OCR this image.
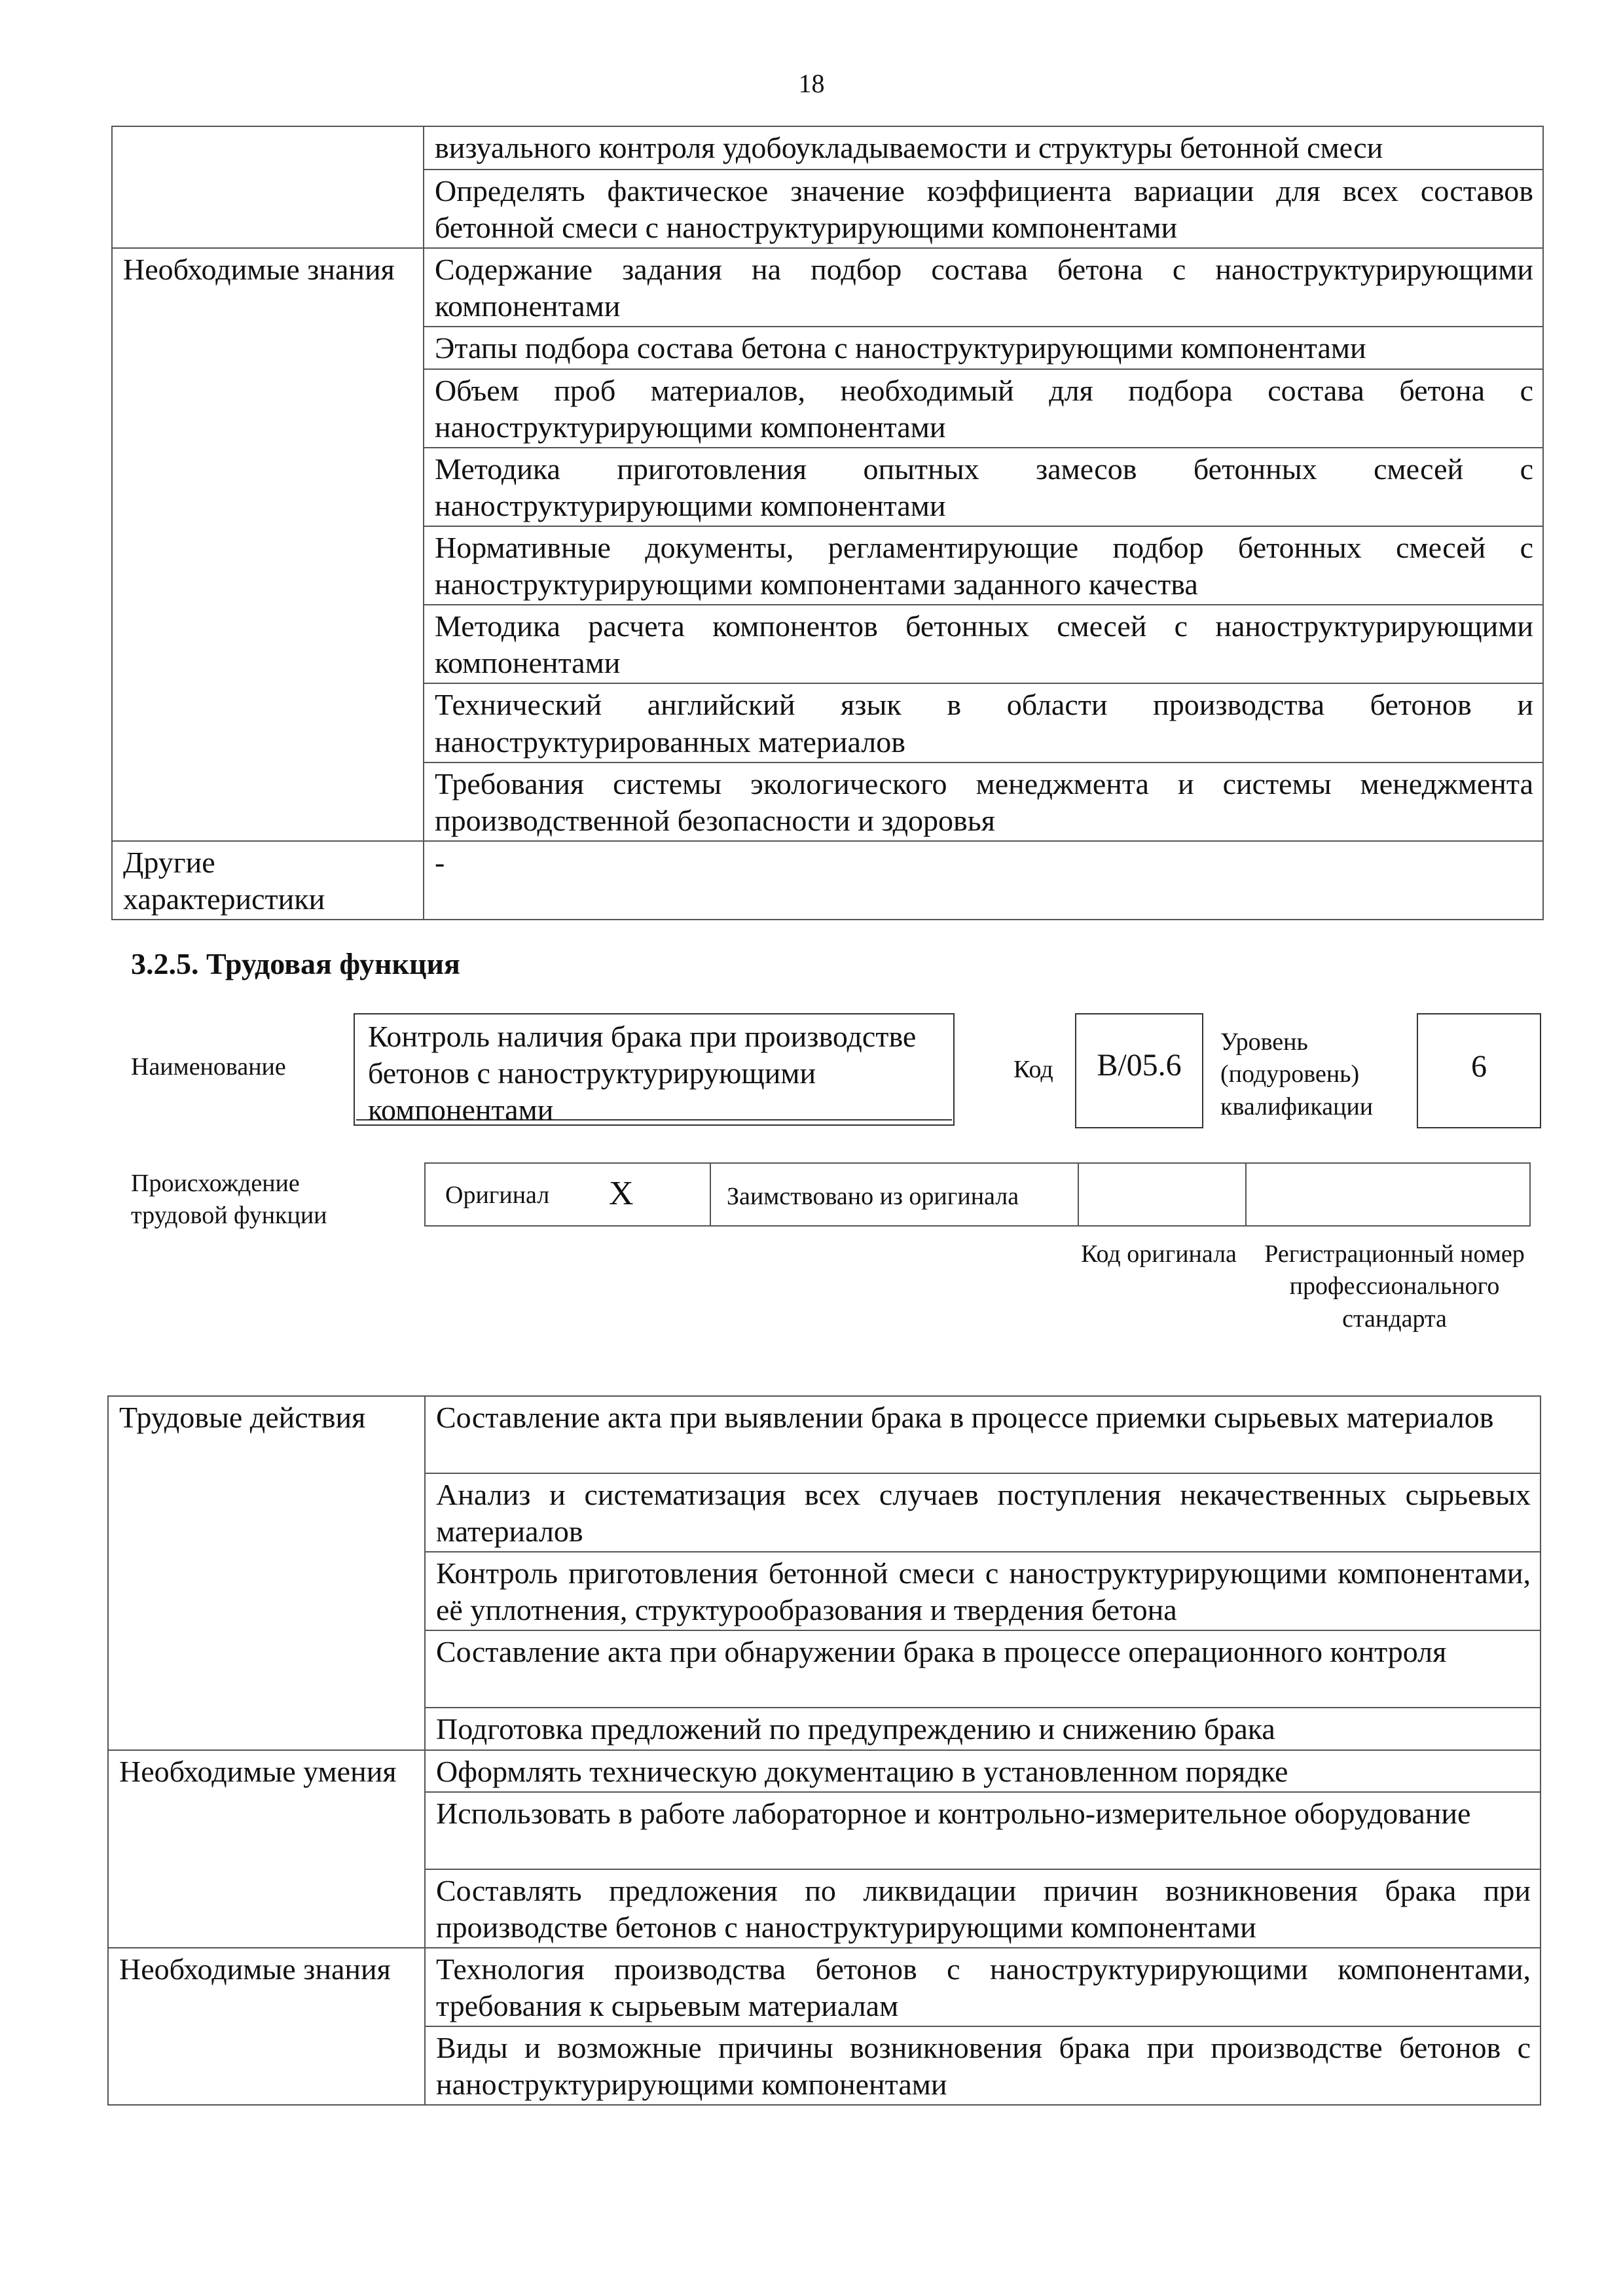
18
	визуального контроля удобоукладываемости и структуры бетонной смеси
	Определять фактическое значение коэффициента вариации для всех составов бетонной смеси с наноструктурирующими компонентами
Необходимые знания	Содержание задания на подбор состава бетона с наноструктурирующими компонентами
	Этапы подбора состава бетона с наноструктурирующими компонентами
	Объем проб материалов, необходимый для подбора состава бетона с наноструктурирующими компонентами
	Методика приготовления опытных замесов бетонных смесей с наноструктурирующими компонентами
	Нормативные документы, регламентирующие подбор бетонных смесей с наноструктурирующими компонентами заданного качества
	Методика расчета компонентов бетонных смесей с наноструктурирующими компонентами
	Технический английский язык в области производства бетонов и наноструктурированных материалов
	Требования системы экологического менеджмента и системы менеджмента производственной безопасности и здоровья
Другие характеристики	-
3.2.5. Трудовая функция
Наименование
Контроль наличия брака при производстве бетонов с наноструктурирующими компонентами
Код	B/05.6
Уровень (подуровень) квалификации
6
Происхождение трудовой функции
Оригинал X	Заимствовано из оригинала
Код оригинала Регистрационный номер профессионального стандарта
Трудовые действия	Составление акта при выявлении брака в процессе приемки сырьевых материалов
	Анализ и систематизация всех случаев поступления некачественных сырьевых материалов
	Контроль приготовления бетонной смеси с наноструктурирующими компонентами, её уплотнения, структурообразования и твердения бетона
	Составление акта при обнаружении брака в процессе операционного контроля
	Подготовка предложений по предупреждению и снижению брака
Необходимые умения	Оформлять техническую документацию в установленном порядке
	Использовать в работе лабораторное и контрольно-измерительное оборудование
	Составлять предложения по ликвидации причин возникновения брака при производстве бетонов с наноструктурирующими компонентами
Необходимые знания	Технология производства бетонов с наноструктурирующими компонентами, требования к сырьевым материалам
	Виды и возможные причины возникновения брака при производстве бетонов с наноструктурирующими компонентами
